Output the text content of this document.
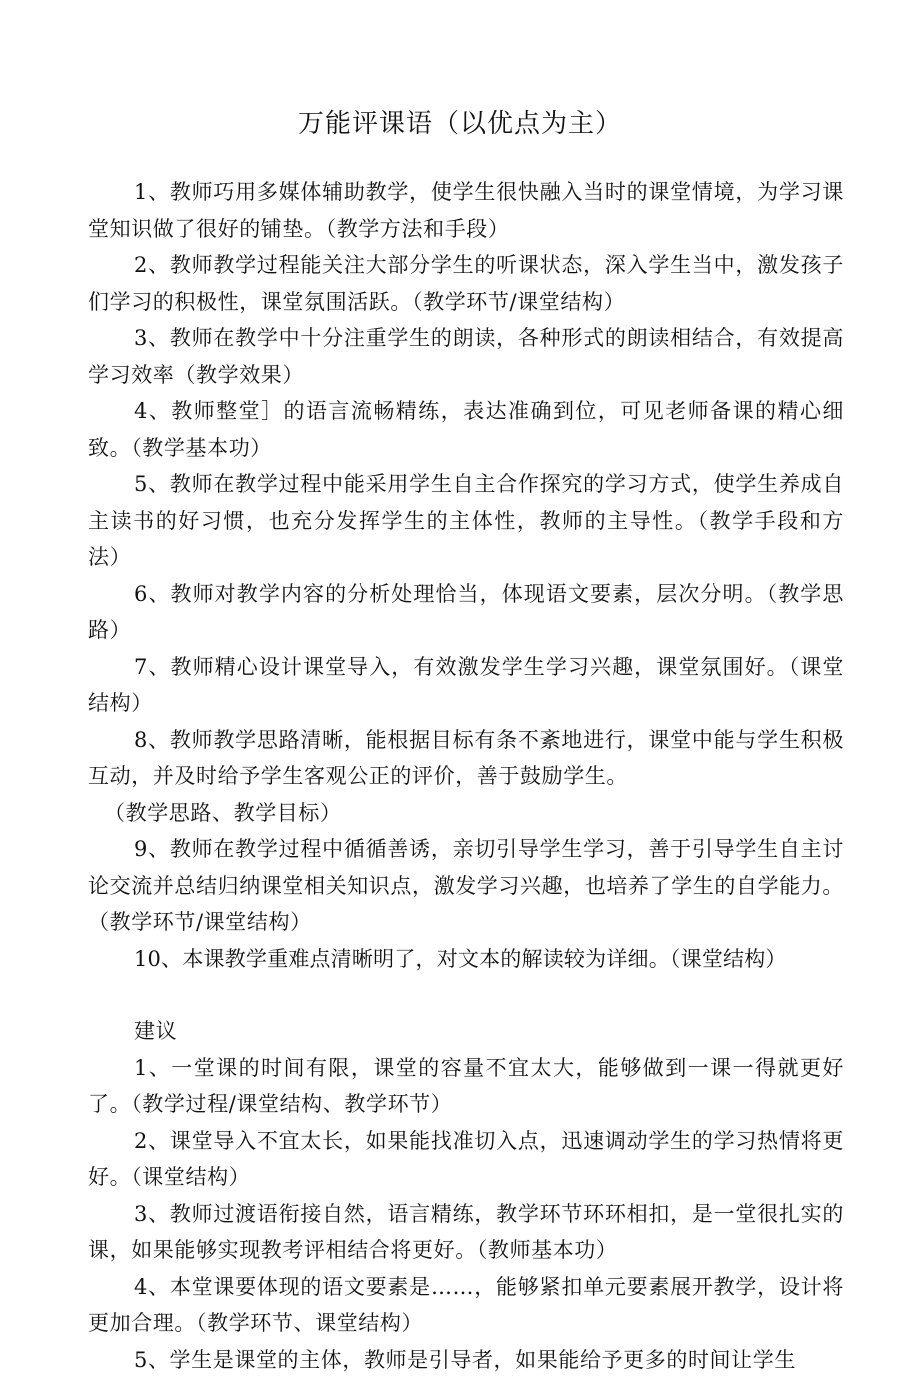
万能评课语（以优点为主）

1、教师巧用多媒体辅助教学，使学生很快融入当时的课堂情境，为学习课堂知识做了很好的铺垫。（教学方法和手段）

2、教师教学过程能关注大部分学生的听课状态，深入学生当中，激发孩子们学习的积极性，课堂氛围活跃。（教学环节/课堂结构）

3、教师在教学中十分注重学生的朗读，各种形式的朗读相结合，有效提高学习效率（教学效果）

4、教师整堂］的语言流畅精练，表达准确到位，可见老师备课的精心细致。（教学基本功）

5、教师在教学过程中能采用学生自主合作探究的学习方式，使学生养成自主读书的好习惯，也充分发挥学生的主体性，教师的主导性。（教学手段和方法）

6、教师对教学内容的分析处理恰当，体现语文要素，层次分明。（教学思路）

7、教师精心设计课堂导入，有效激发学生学习兴趣，课堂氛围好。（课堂结构）

8、教师教学思路清晰，能根据目标有条不紊地进行，课堂中能与学生积极互动，并及时给予学生客观公正的评价，善于鼓励学生。

（教学思路、教学目标）

9、教师在教学过程中循循善诱，亲切引导学生学习，善于引导学生自主讨论交流并总结归纳课堂相关知识点，激发学习兴趣，也培养了学生的自学能力。（教学环节/课堂结构）

10、本课教学重难点清晰明了，对文本的解读较为详细。（课堂结构）

建议

1、一堂课的时间有限，课堂的容量不宜太大，能够做到一课一得就更好了。（教学过程/课堂结构、教学环节）

2、课堂导入不宜太长，如果能找准切入点，迅速调动学生的学习热情将更好。（课堂结构）

3、教师过渡语衔接自然，语言精练，教学环节环环相扣，是一堂很扎实的课，如果能够实现教考评相结合将更好。（教师基本功）

4、本堂课要体现的语文要素是……，能够紧扣单元要素展开教学，设计将更加合理。（教学环节、课堂结构）

5、学生是课堂的主体，教师是引导者，如果能给予更多的时间让学生
